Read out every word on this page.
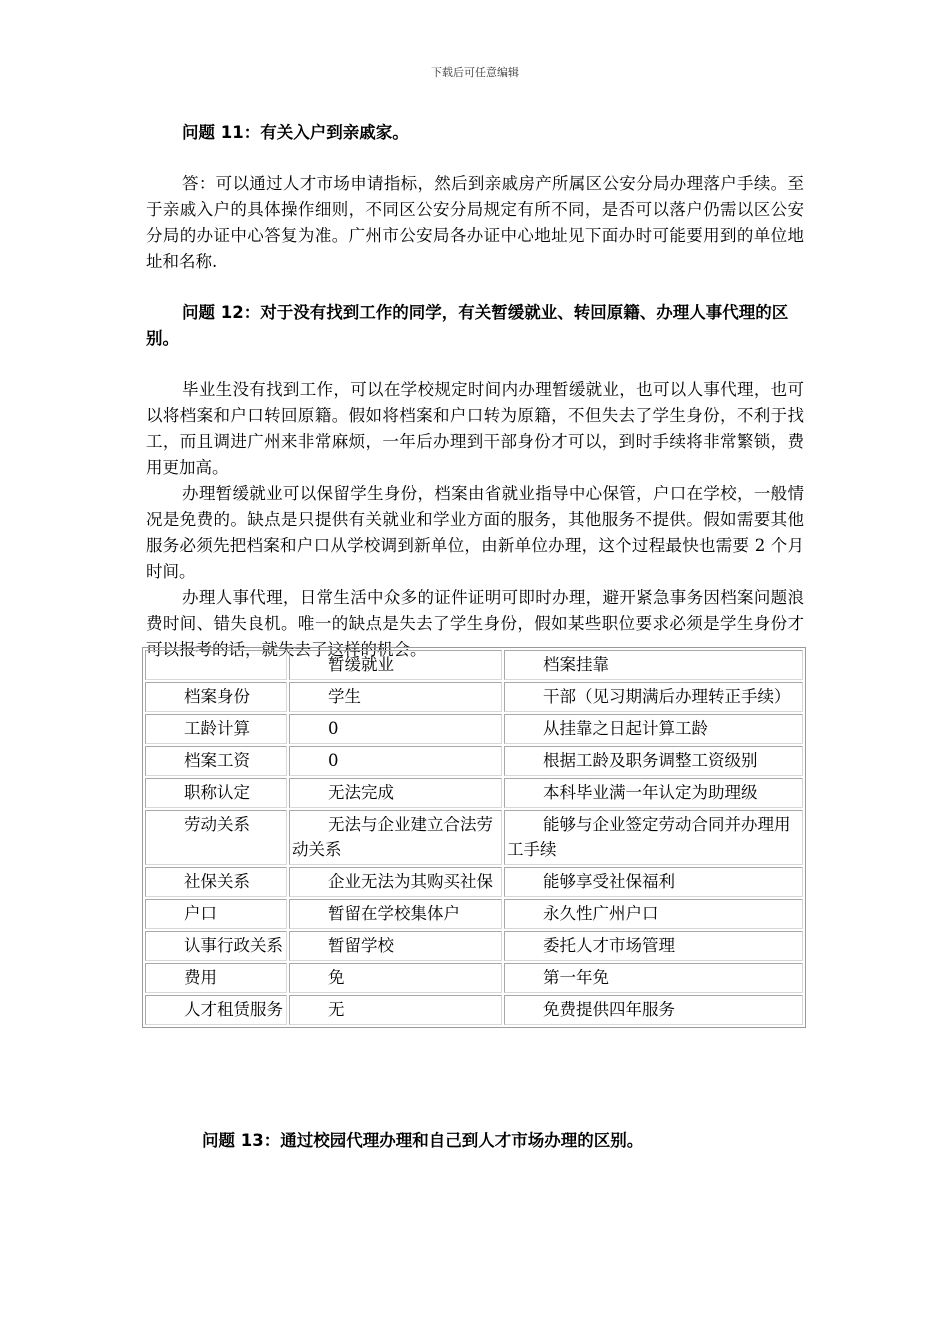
下载后可任意编辑

问题 11：有关入户到亲戚家。

答：可以通过人才市场申请指标，然后到亲戚房产所属区公安分局办理落户手续。至于亲戚入户的具体操作细则，不同区公安分局规定有所不同，是否可以落户仍需以区公安分局的办证中心答复为准。广州市公安局各办证中心地址见下面办时可能要用到的单位地址和名称.

问题 12：对于没有找到工作的同学，有关暂缓就业、转回原籍、办理人事代理的区别。

毕业生没有找到工作，可以在学校规定时间内办理暂缓就业，也可以人事代理，也可以将档案和户口转回原籍。假如将档案和户口转为原籍，不但失去了学生身份，不利于找工，而且调进广州来非常麻烦，一年后办理到干部身份才可以，到时手续将非常繁锁，费用更加高。

办理暂缓就业可以保留学生身份，档案由省就业指导中心保管，户口在学校，一般情况是免费的。缺点是只提供有关就业和学业方面的服务，其他服务不提供。假如需要其他服务必须先把档案和户口从学校调到新单位，由新单位办理，这个过程最快也需要 2 个月时间。

办理人事代理，日常生活中众多的证件证明可即时办理，避开紧急事务因档案问题浪费时间、错失良机。唯一的缺点是失去了学生身份，假如某些职位要求必须是学生身份才可以报考的话，就失去了这样的机会。

	暂缓就业	档案挂靠
档案身份	学生	干部（见习期满后办理转正手续）
工龄计算	0	从挂靠之日起计算工龄
档案工资	0	根据工龄及职务调整工资级别
职称认定	无法完成	本科毕业满一年认定为助理级
劳动关系	无法与企业建立合法劳动关系	能够与企业签定劳动合同并办理用工手续
社保关系	企业无法为其购买社保	能够享受社保福利
户口	暂留在学校集体户	永久性广州户口
认事行政关系	暂留学校	委托人才市场管理
费用	免	第一年免
人才租赁服务	无	免费提供四年服务

问题 13：通过校园代理办理和自己到人才市场办理的区别。
